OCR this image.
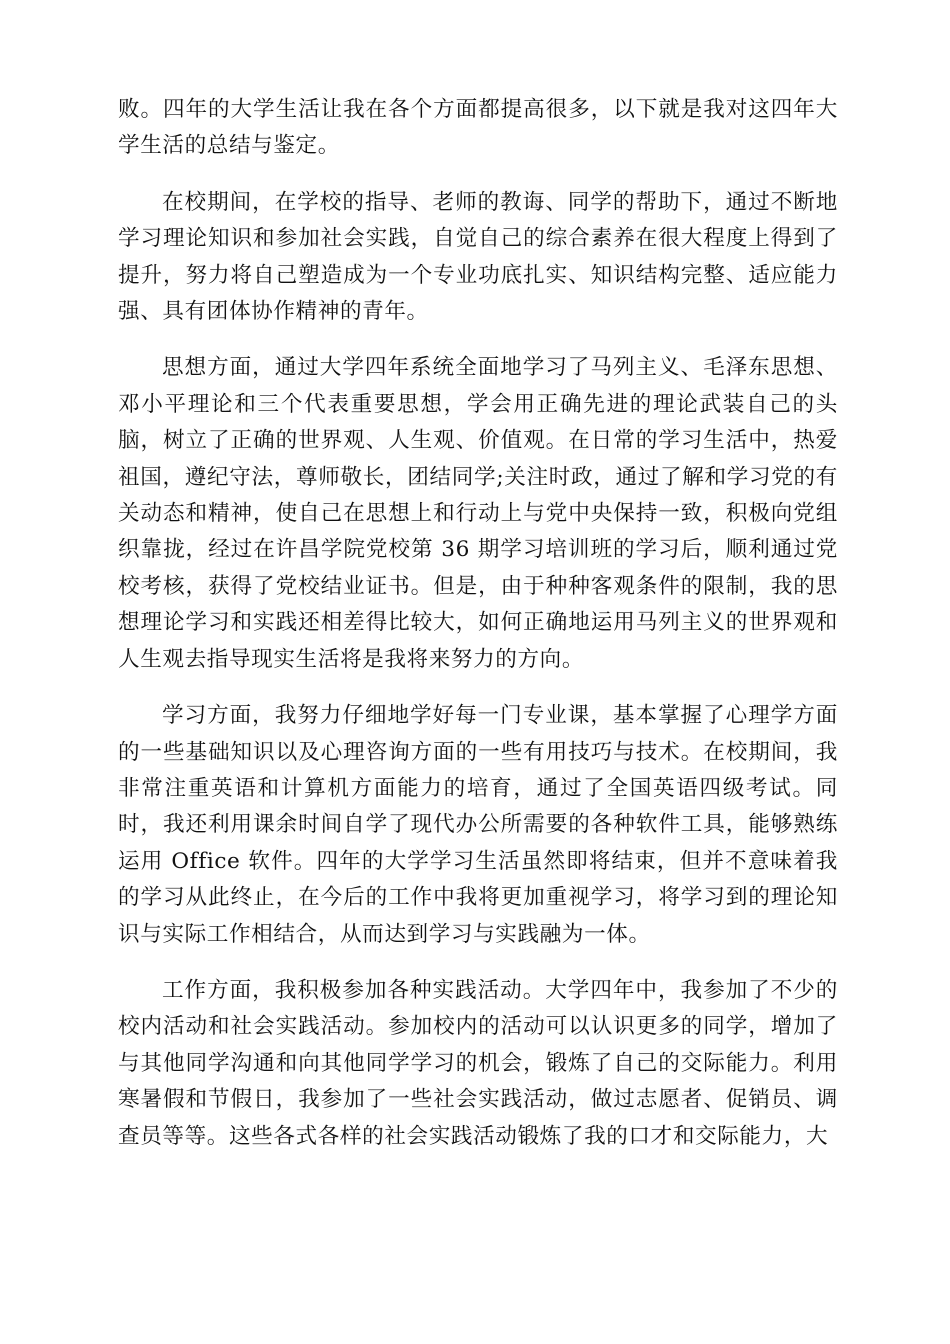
败。四年的大学生活让我在各个方面都提高很多，以下就是我对这四年大学生活的总结与鉴定。

在校期间，在学校的指导、老师的教诲、同学的帮助下，通过不断地学习理论知识和参加社会实践，自觉自己的综合素养在很大程度上得到了提升，努力将自己塑造成为一个专业功底扎实、知识结构完整、适应能力强、具有团体协作精神的青年。

思想方面，通过大学四年系统全面地学习了马列主义、毛泽东思想、邓小平理论和三个代表重要思想，学会用正确先进的理论武装自己的头脑，树立了正确的世界观、人生观、价值观。在日常的学习生活中，热爱祖国，遵纪守法，尊师敬长，团结同学;关注时政，通过了解和学习党的有关动态和精神，使自己在思想上和行动上与党中央保持一致，积极向党组织靠拢，经过在许昌学院党校第 36 期学习培训班的学习后，顺利通过党校考核，获得了党校结业证书。但是，由于种种客观条件的限制，我的思想理论学习和实践还相差得比较大，如何正确地运用马列主义的世界观和人生观去指导现实生活将是我将来努力的方向。

学习方面，我努力仔细地学好每一门专业课，基本掌握了心理学方面的一些基础知识以及心理咨询方面的一些有用技巧与技术。在校期间，我非常注重英语和计算机方面能力的培育，通过了全国英语四级考试。同时，我还利用课余时间自学了现代办公所需要的各种软件工具，能够熟练运用 Office 软件。四年的大学学习生活虽然即将结束，但并不意味着我的学习从此终止，在今后的工作中我将更加重视学习，将学习到的理论知识与实际工作相结合，从而达到学习与实践融为一体。

工作方面，我积极参加各种实践活动。大学四年中，我参加了不少的校内活动和社会实践活动。参加校内的活动可以认识更多的同学，增加了与其他同学沟通和向其他同学学习的机会，锻炼了自己的交际能力。利用寒暑假和节假日，我参加了一些社会实践活动，做过志愿者、促销员、调查员等等。这些各式各样的社会实践活动锻炼了我的口才和交际能力，大
